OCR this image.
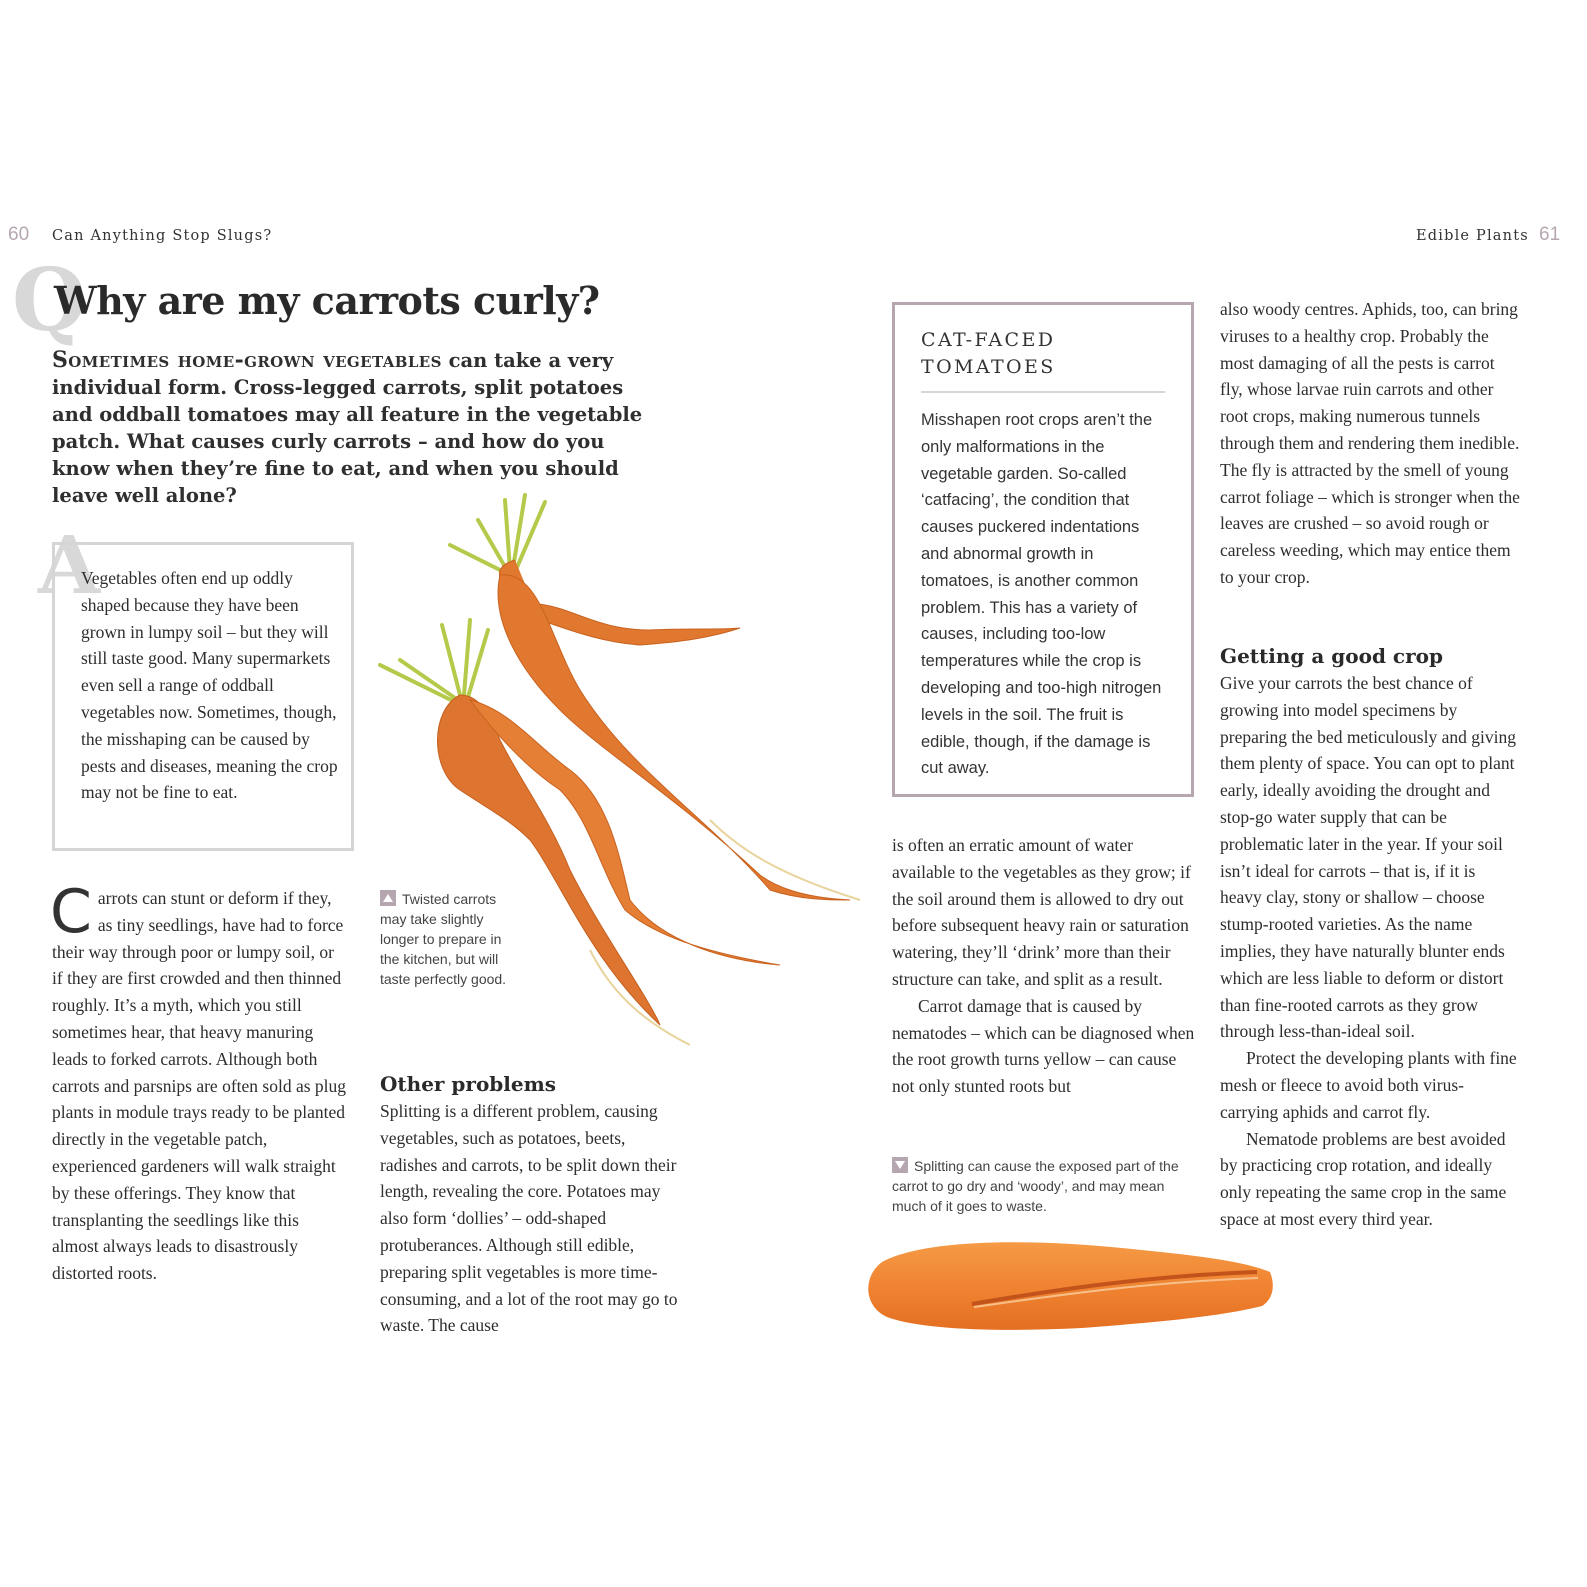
60 Can Anything Stop Slugs?	Edible Plants 61
Q
Why are my carrots curly?

Sometimes home-grown vegetables can take a very individual form. Cross-legged carrots, split potatoes and oddball tomatoes may all feature in the vegetable patch. What causes curly carrots – and how do you know when they’re fine to eat, and when you should leave well alone?

A
Vegetables often end up oddly shaped because they have been grown in lumpy soil – but they will still taste good. Many supermarkets even sell a range of oddball vegetables now. Sometimes, though, the misshaping can be caused by pests and diseases, meaning the crop may not be fine to eat.

Carrots can stunt or deform if they, as tiny seedlings, have had to force their way through poor or lumpy soil, or if they are first crowded and then thinned roughly. It’s a myth, which you still sometimes hear, that heavy manuring leads to forked carrots. Although both carrots and parsnips are often sold as plug plants in module trays ready to be planted directly in the vegetable patch, experienced gardeners will walk straight by these offerings. They know that transplanting the seedlings like this almost always leads to disastrously distorted roots.

Twisted carrots may take slightly longer to prepare in the kitchen, but will taste perfectly good.
Other problems
Splitting is a different problem, causing vegetables, such as potatoes, beets, radishes and carrots, to be split down their length, revealing the core. Potatoes may also form ‘dollies’ – odd-shaped protuberances. Although still edible, preparing split vegetables is more time-consuming, and a lot of the root may go to waste. The cause
CAT-FACED TOMATOES
Misshapen root crops aren’t the only malformations in the vegetable garden. So-called ‘catfacing’, the condition that causes puckered indentations and abnormal growth in tomatoes, is another common problem. This has a variety of causes, including too-low temperatures while the crop is developing and too-high nitrogen levels in the soil. The fruit is edible, though, if the damage is cut away.

is often an erratic amount of water available to the vegetables as they grow; if the soil around them is allowed to dry out before subsequent heavy rain or saturation watering, they’ll ‘drink’ more than their structure can take, and split as a result.

Carrot damage that is caused by nematodes – which can be diagnosed when the root growth turns yellow – can cause not only stunted roots but

Splitting can cause the exposed part of the carrot to go dry and ‘woody’, and may mean much of it goes to waste.

also woody centres. Aphids, too, can bring viruses to a healthy crop. Probably the most damaging of all the pests is carrot fly, whose larvae ruin carrots and other root crops, making numerous tunnels through them and rendering them inedible. The fly is attracted by the smell of young carrot foliage – which is stronger when the leaves are crushed – so avoid rough or careless weeding, which may entice them to your crop.

Getting a good crop

Give your carrots the best chance of growing into model specimens by preparing the bed meticulously and giving them plenty of space. You can opt to plant early, ideally avoiding the drought and stop-go water supply that can be problematic later in the year. If your soil isn’t ideal for carrots – that is, if it is heavy clay, stony or shallow – choose stump-rooted varieties. As the name implies, they have naturally blunter ends which are less liable to deform or distort than fine-rooted carrots as they grow through less-than-ideal soil.

Protect the developing plants with fine mesh or fleece to avoid both virus-carrying aphids and carrot fly.

Nematode problems are best avoided by practicing crop rotation, and ideally only repeating the same crop in the same space at most every third year.
